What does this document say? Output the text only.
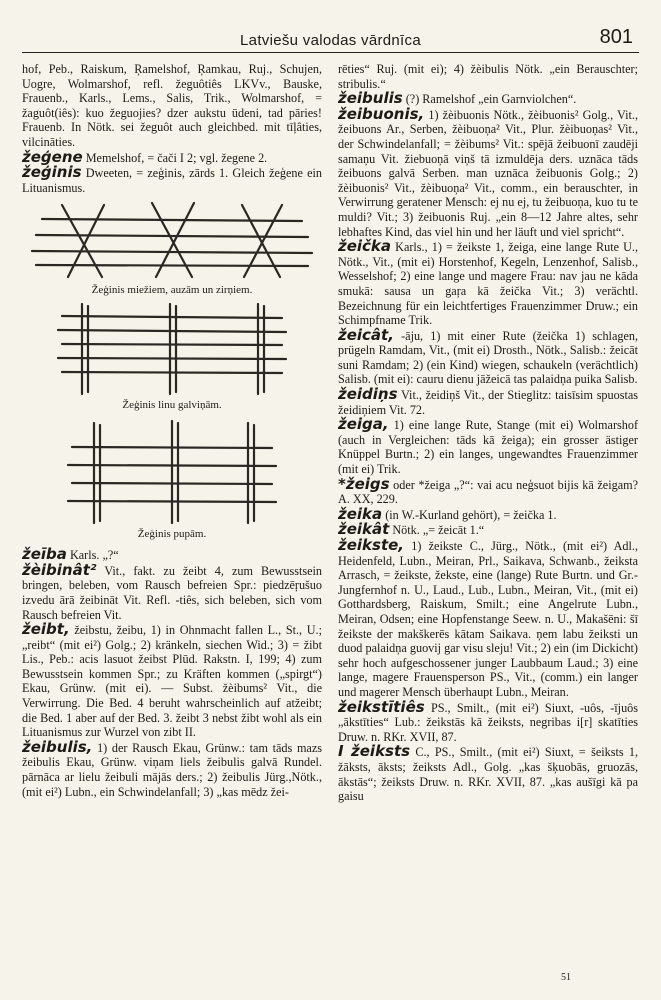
Latviešu valodas vārdnīca	801

hof, Peb., Raiskum, Ŗamelshof, Ŗamkau, Ruj., Schujen, Uogre, Wolmarshof, refl. žeguôtiês LKVv., Bauske, Frauenb., Karls., Lems., Salis, Trik., Wolmarshof, = žaguôt(iês): kuo žeguojies? dzer aukstu ūdeni, tad pāries! Frauenb. In Nötk. sei žeguôt auch gleichbed. mit tīļâties, vilcināties.

žeģene Memelshof, = čači I 2; vgl. žegene 2.

žeģinis Dweeten, = zeģinis, zārds 1. Gleich žeģene ein Lituanismus.

Žeģinis miežiem, auzām un zirņiem.
Žeģinis linu galviņām.
Žeģinis pupām.

žeība Karls. „?“

žèibinât² Vit., fakt. zu žeibt 4, zum Bewusstsein bringen, beleben, vom Rausch befreien Spr.: piedzēŗušuo izvedu ārā žeibināt Vit. Refl. -tiês, sich beleben, sich vom Rausch befreien Vit.

žeibt, žeibstu, žeibu, 1) in Ohnmacht fallen L., St., U.; „reibt“ (mit ei²) Golg.; 2) kränkeln, siechen Wid.; 3) = žibt Lis., Peb.: acis lasuot žeibst Plūd. Rakstn. I, 199; 4) zum Bewusstsein kommen Spr.; zu Kräften kommen („spirgt“) Ekau, Grünw. (mit ei). — Subst. žèibums² Vit., die Verwirrung. Die Bed. 4 beruht wahrscheinlich auf atžeibt; die Bed. 1 aber auf der Bed. 3. žeibt 3 nebst žibt wohl als ein Lituanismus zur Wurzel von zibt II.

žeibulis, 1) der Rausch Ekau, Grünw.: tam tāds mazs žeibulis Ekau, Grünw. viņam liels žeibulis galvā Rundel. pārnāca ar lielu žeibuli mājās ders.; 2) žeibulis Jürg.,Nötk.,(mit ei²) Lubn., ein Schwindelanfall; 3) „kas mēdz žei-

rēties“ Ruj. (mit ei); 4) žèibulis Nötk. „ein Berauschter; stribulis.“

žeibulis (?) Ramelshof „ein Garnviolchen“.

žeibuonis, 1) žèibuonis Nötk., žèibuonis² Golg., Vit., žeibuons Ar., Serben, žèibuoņa² Vit., Plur. žèibuoņas² Vit., der Schwindelanfall; = žèibums² Vit.: spējā žeibuonī zaudēji samaņu Vit. žiebuoņā viņš tā izmuldēja ders. uznāca tāds žeibuons galvā Serben. man uznāca žeibuonis Golg.; 2) žèibuonis² Vit., žèibuoņa² Vit., comm., ein berauschter, in Verwirrung geratener Mensch: ej nu ej, tu žeibuoņa, kuo tu te muldi? Vit.; 3) žeibuonis Ruj. „ein 8—12 Jahre altes, sehr lebhaftes Kind, das viel hin und her läuft und viel spricht“.

žeička Karls., 1) = žeikste 1, žeiga, eine lange Rute U., Nötk., Vit., (mit ei) Horstenhof, Kegeln, Lenzenhof, Salisb., Wesselshof; 2) eine lange und magere Frau: nav jau ne kāda smukā: sausa un gaŗa kā žeička Vit.; 3) verächtl. Bezeichnung für ein leichtfertiges Frauenzimmer Druw.; ein Schimpfname Trik.

žeicât, -āju, 1) mit einer Rute (žeička 1) schlagen, prügeln Ramdam, Vit., (mit ei) Drosth., Nötk., Salisb.: žeicāt suni Ramdam; 2) (ein Kind) wiegen, schaukeln (verächtlich) Salisb. (mit ei): cauru dienu jāžeicā tas palaidņa puika Salisb.

žeidiņs Vit., žeidiņš Vit., der Stieglitz: taisīsim spuostas žeidiņiem Vit. 72.

žeiga, 1) eine lange Rute, Stange (mit ei) Wolmarshof (auch in Vergleichen: tāds kā žeiga); ein grosser ästiger Knüppel Burtn.; 2) ein langes, ungewandtes Frauenzimmer (mit ei) Trik.

*žeigs oder *žeiga „?“: vai acu neģsuot bijis kā žeigam? A. XX, 229.

žeika (in W.-Kurland gehört), = žeička 1.

žeikât Nötk. „= žeicāt 1.“

žeikste, 1) žeikste C., Jürg., Nötk., (mit ei²) Adl., Heidenfeld, Lubn., Meiran, Prl., Saikava, Schwanb., žeiksta Arrasch, = žeikste, žekste, eine (lange) Rute Burtn. und Gr.-Jungfernhof n. U., Laud., Lub., Lubn., Meiran, Vit., (mit ei) Gotthardsberg, Raiskum, Smilt.; eine Angelrute Lubn., Meiran, Odsen; eine Hopfenstange Seew. n. U., Makašēni: šī žeikste der makškerēs kātam Saikava. ņem labu žeiksti un duod palaidņa guovij gar visu sleju! Vit.; 2) ein (im Dickicht) sehr hoch aufgeschossener junger Laubbaum Laud.; 3) eine lange, magere Frauensperson PS., Vit., (comm.) ein langer und magerer Mensch überhaupt Lubn., Meiran.

žeikstītiês PS., Smilt., (mit ei²) Siuxt, -uôs, -ījuôs „ākstīties“ Lub.: žeikstās kā žeiksts, negribas i[r] skatīties Druw. n. RKr. XVII, 87.

I žeiksts C., PS., Smilt., (mit ei²) Siuxt, = šeiksts 1, žāksts, āksts; žeiksts Adl., Golg. „kas šķuobās, gruozās, ākstās“; žeiksts Druw. n. RKr. XVII, 87. „kas aušīgi kā pa gaisu

51
